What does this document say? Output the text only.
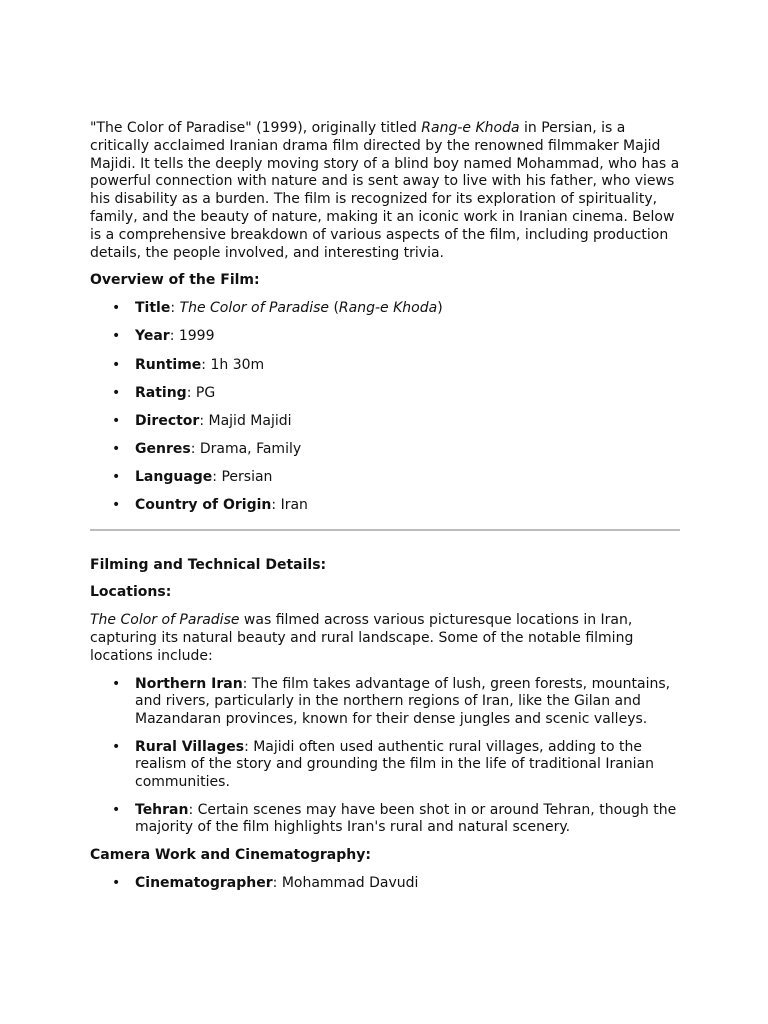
"The Color of Paradise" (1999), originally titled Rang-e Khoda in Persian, is a critically acclaimed Iranian drama film directed by the renowned filmmaker Majid Majidi. It tells the deeply moving story of a blind boy named Mohammad, who has a powerful connection with nature and is sent away to live with his father, who views his disability as a burden. The film is recognized for its exploration of spirituality, family, and the beauty of nature, making it an iconic work in Iranian cinema. Below is a comprehensive breakdown of various aspects of the film, including production details, the people involved, and interesting trivia.

Overview of the Film:

• Title: The Color of Paradise (Rang-e Khoda)
• Year: 1999
• Runtime: 1h 30m
• Rating: PG
• Director: Majid Majidi
• Genres: Drama, Family
• Language: Persian
• Country of Origin: Iran

Filming and Technical Details:

Locations:

The Color of Paradise was filmed across various picturesque locations in Iran, capturing its natural beauty and rural landscape. Some of the notable filming locations include:

• Northern Iran: The film takes advantage of lush, green forests, mountains, and rivers, particularly in the northern regions of Iran, like the Gilan and Mazandaran provinces, known for their dense jungles and scenic valleys.
• Rural Villages: Majidi often used authentic rural villages, adding to the realism of the story and grounding the film in the life of traditional Iranian communities.
• Tehran: Certain scenes may have been shot in or around Tehran, though the majority of the film highlights Iran's rural and natural scenery.

Camera Work and Cinematography:

• Cinematographer: Mohammad Davudi
